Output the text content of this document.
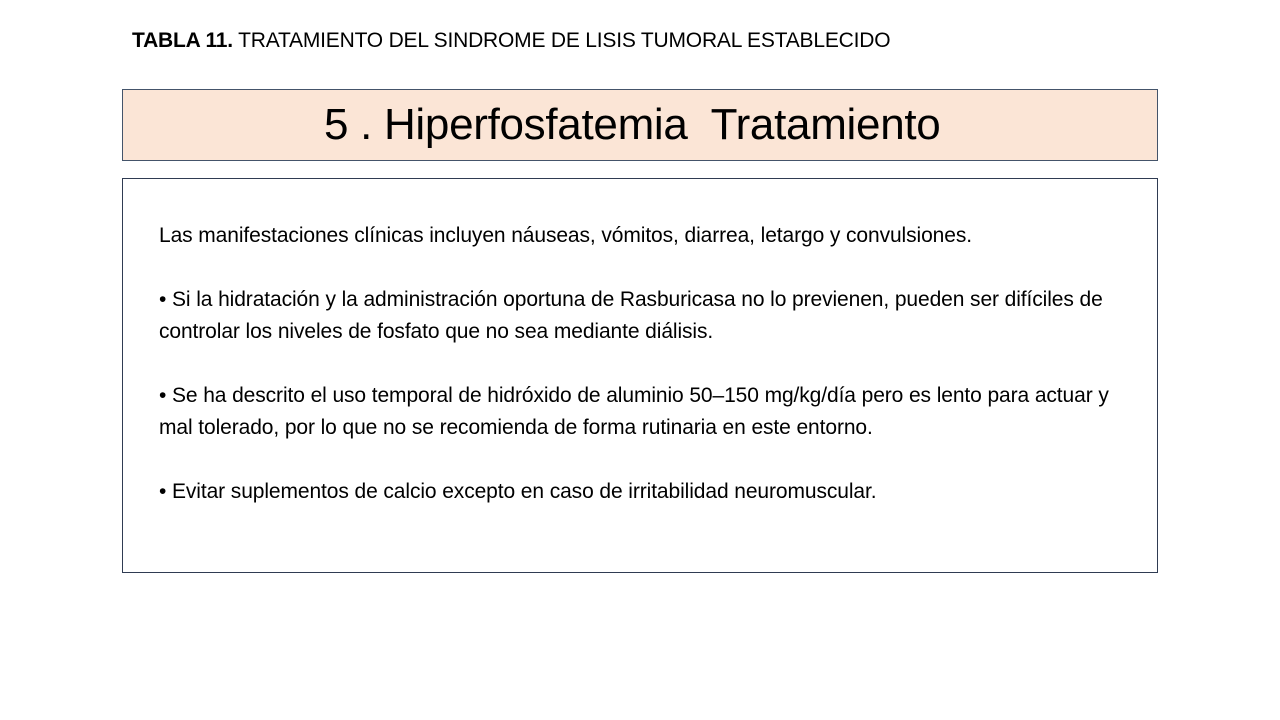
TABLA 11. TRATAMIENTO DEL SINDROME DE LISIS TUMORAL ESTABLECIDO
5 . Hiperfosfatemia  Tratamiento

Las manifestaciones clínicas incluyen náuseas, vómitos, diarrea, letargo y convulsiones.

• Si la hidratación y la administración oportuna de Rasburicasa no lo previenen, pueden ser difíciles de controlar los niveles de fosfato que no sea mediante diálisis.

• Se ha descrito el uso temporal de hidróxido de aluminio 50–150 mg/kg/día pero es lento para actuar y mal tolerado, por lo que no se recomienda de forma rutinaria en este entorno.

• Evitar suplementos de calcio excepto en caso de irritabilidad neuromuscular.
